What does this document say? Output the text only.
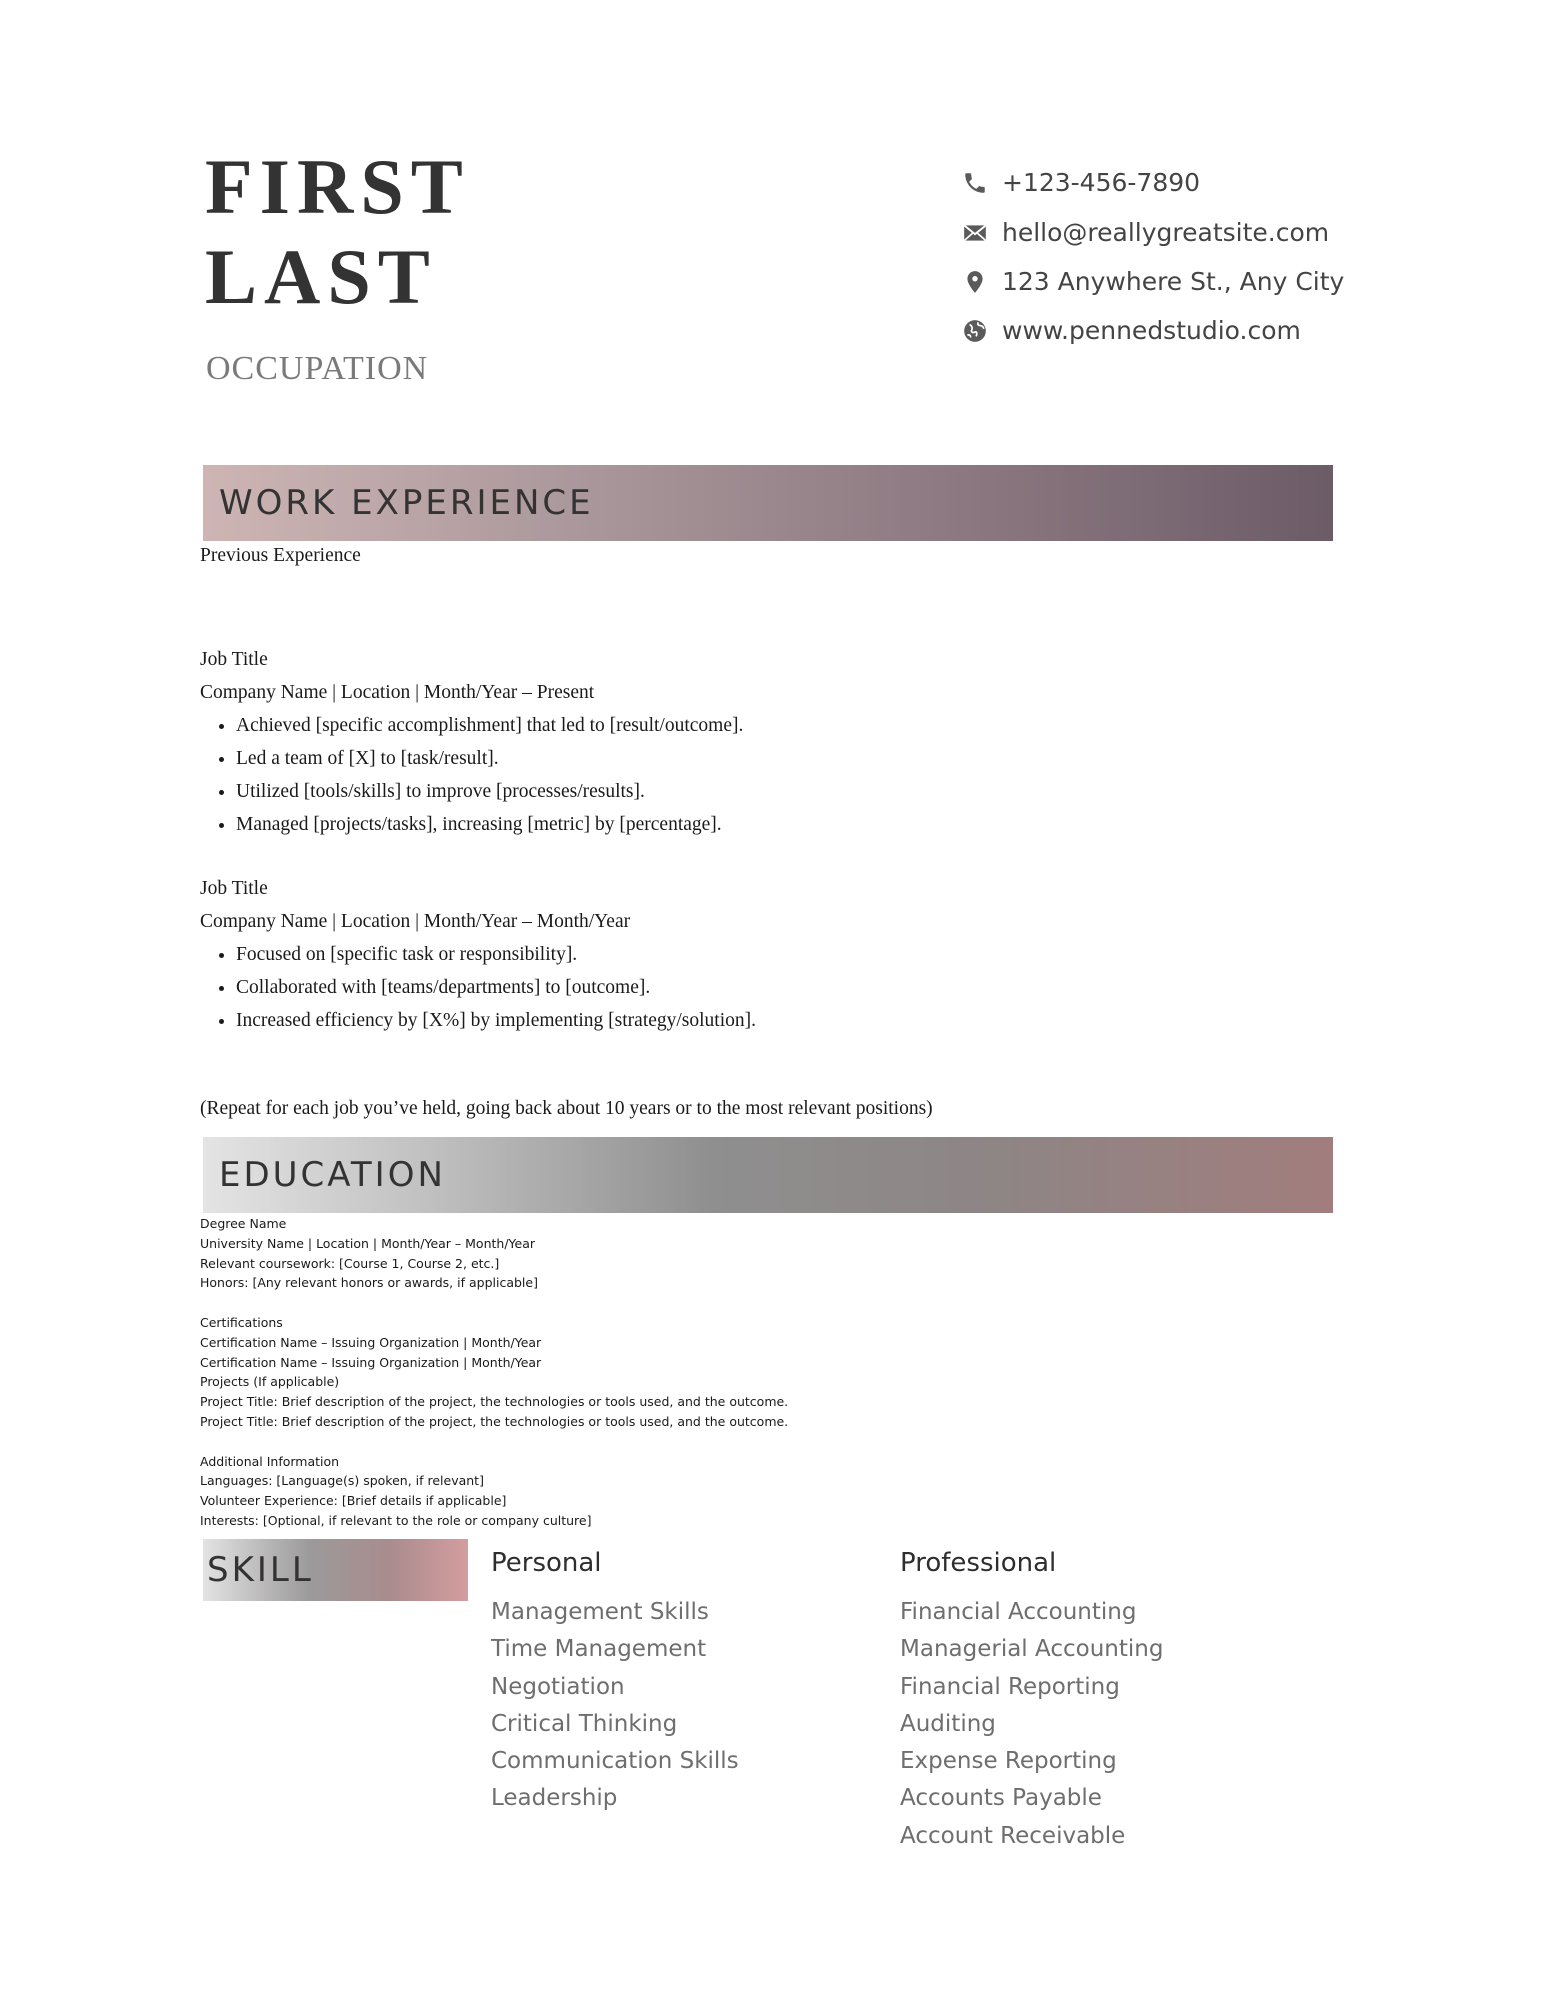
FIRST
LAST
OCCUPATION
+123-456-7890
hello@reallygreatsite.com
123 Anywhere St., Any City
www.pennedstudio.com
WORK EXPERIENCE
Previous Experience
Job Title
Company Name | Location | Month/Year – Present
• Achieved [specific accomplishment] that led to [result/outcome].
• Led a team of [X] to [task/result].
• Utilized [tools/skills] to improve [processes/results].
• Managed [projects/tasks], increasing [metric] by [percentage].
Job Title
Company Name | Location | Month/Year – Month/Year
• Focused on [specific task or responsibility].
• Collaborated with [teams/departments] to [outcome].
• Increased efficiency by [X%] by implementing [strategy/solution].
(Repeat for each job you’ve held, going back about 10 years or to the most relevant positions)
EDUCATION
Degree Name
University Name | Location | Month/Year – Month/Year
Relevant coursework: [Course 1, Course 2, etc.]
Honors: [Any relevant honors or awards, if applicable]
Certifications
Certification Name – Issuing Organization | Month/Year
Certification Name – Issuing Organization | Month/Year
Projects (If applicable)
Project Title: Brief description of the project, the technologies or tools used, and the outcome.
Project Title: Brief description of the project, the technologies or tools used, and the outcome.
Additional Information
Languages: [Language(s) spoken, if relevant]
Volunteer Experience: [Brief details if applicable]
Interests: [Optional, if relevant to the role or company culture]
SKILL	Personal
Management Skills
Time Management
Negotiation
Critical Thinking
Communication Skills
Leadership
Professional
Financial Accounting
Managerial Accounting
Financial Reporting
Auditing
Expense Reporting
Accounts Payable
Account Receivable
